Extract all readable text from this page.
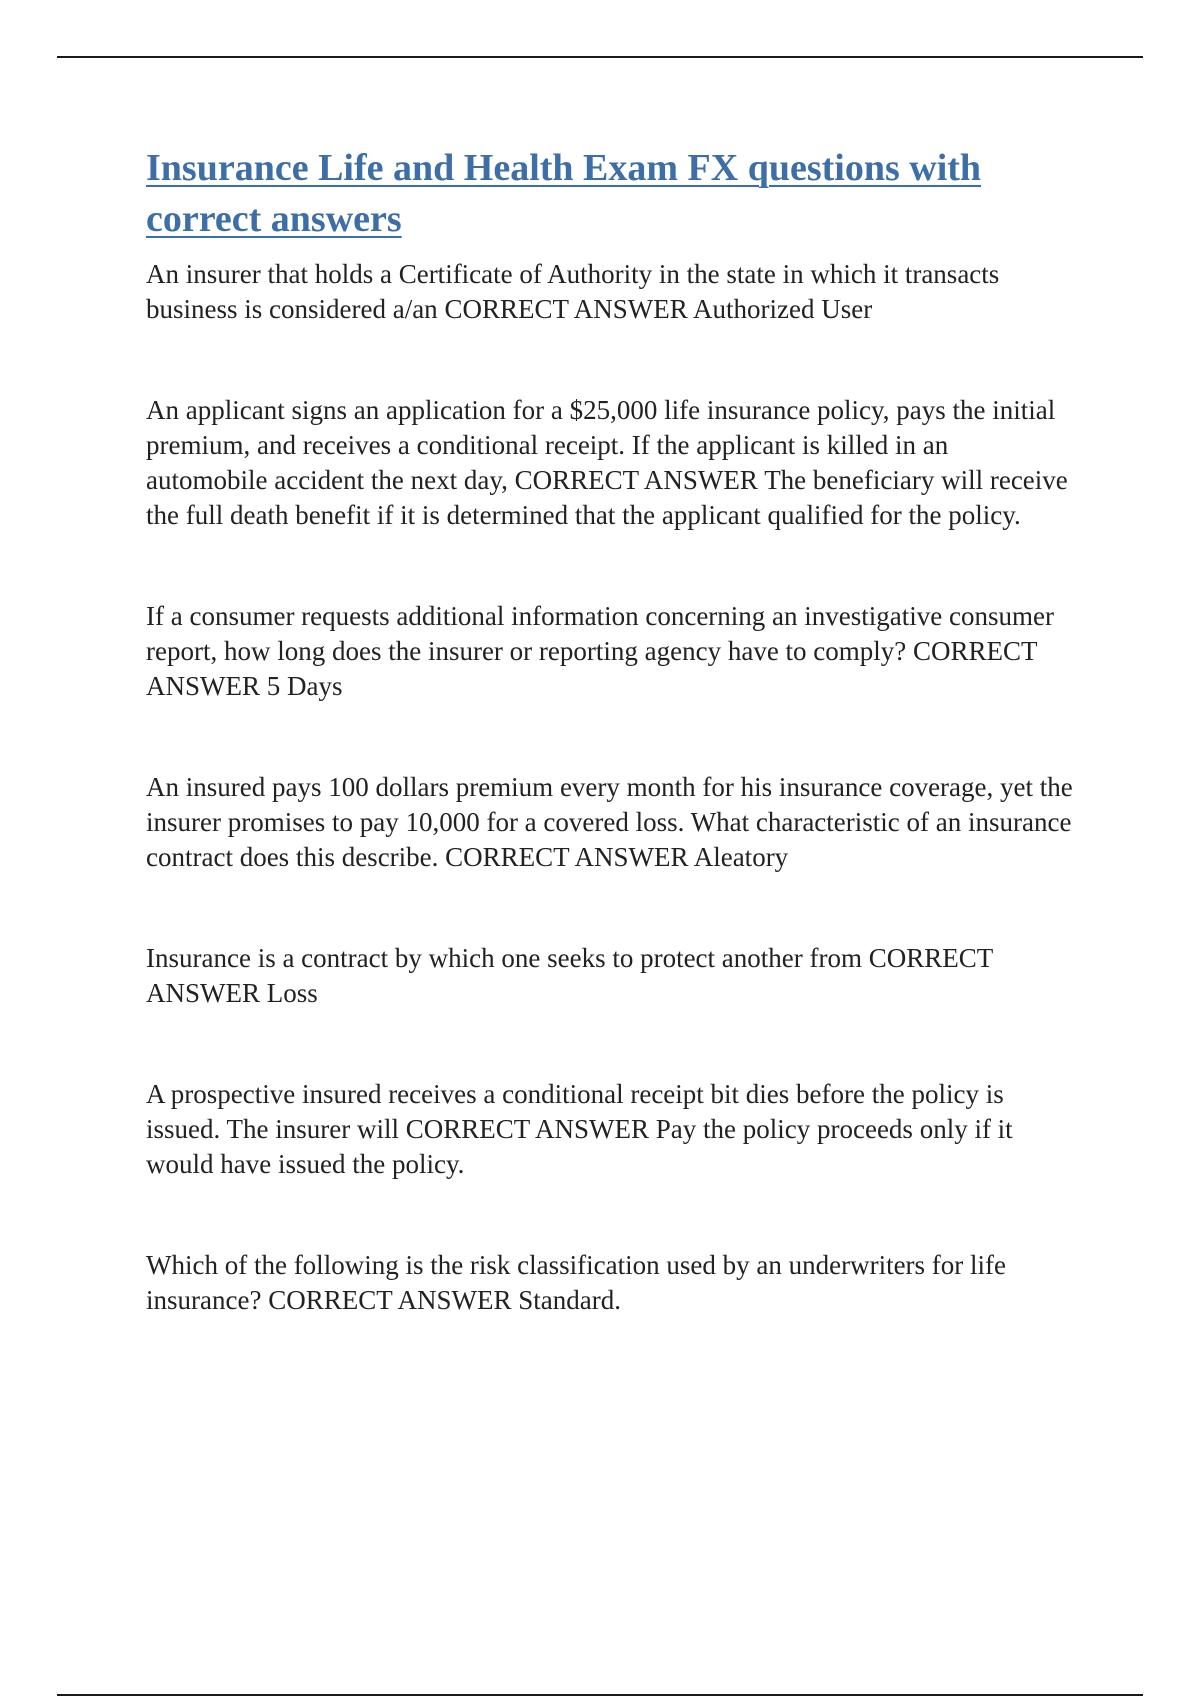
Insurance Life and Health Exam FX questions with correct answers

An insurer that holds a Certificate of Authority in the state in which it transacts business is considered a/an CORRECT ANSWER Authorized User

An applicant signs an application for a $25,000 life insurance policy, pays the initial premium, and receives a conditional receipt. If the applicant is killed in an automobile accident the next day, CORRECT ANSWER The beneficiary will receive the full death benefit if it is determined that the applicant qualified for the policy.

If a consumer requests additional information concerning an investigative consumer report, how long does the insurer or reporting agency have to comply? CORRECT ANSWER 5 Days

An insured pays 100 dollars premium every month for his insurance coverage, yet the insurer promises to pay 10,000 for a covered loss. What characteristic of an insurance contract does this describe. CORRECT ANSWER Aleatory

Insurance is a contract by which one seeks to protect another from CORRECT ANSWER Loss

A prospective insured receives a conditional receipt bit dies before the policy is issued. The insurer will CORRECT ANSWER Pay the policy proceeds only if it would have issued the policy.

Which of the following is the risk classification used by an underwriters for life insurance? CORRECT ANSWER Standard.
